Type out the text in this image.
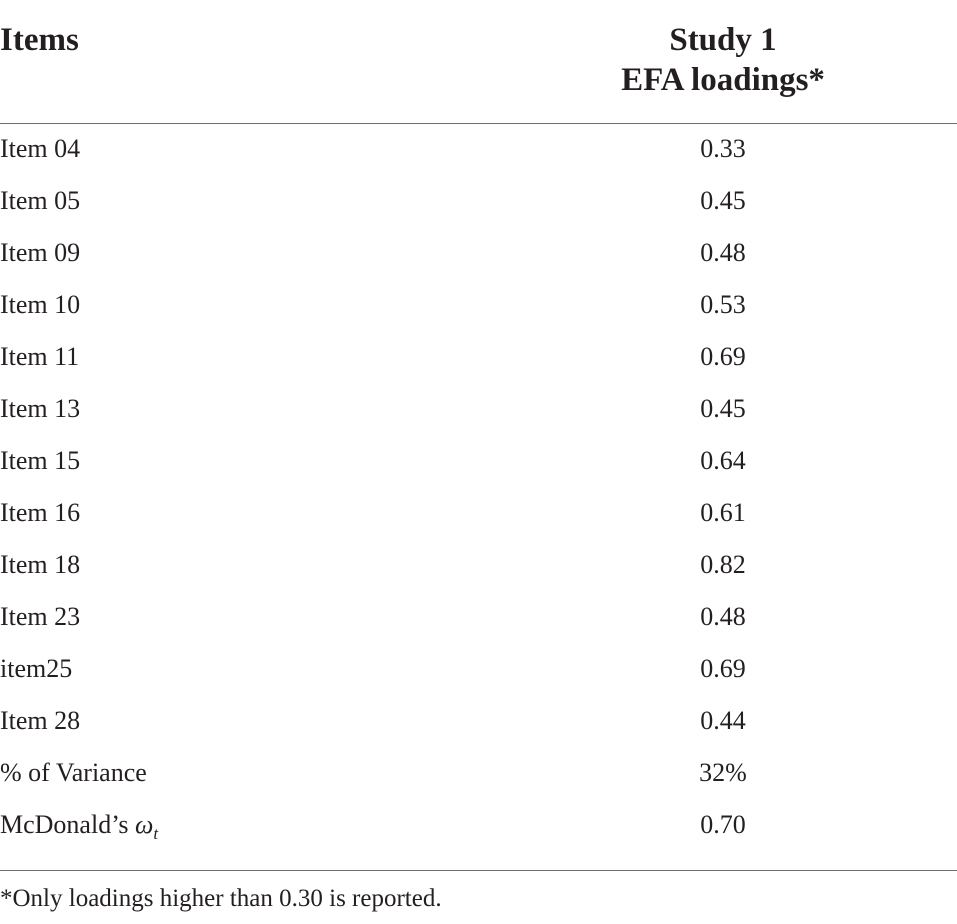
Items	Study 1
EFA loadings*
Item 04	0.33
Item 05	0.45
Item 09	0.48
Item 10	0.53
Item 11	0.69
Item 13	0.45
Item 15	0.64
Item 16	0.61
Item 18	0.82
Item 23	0.48
item25	0.69
Item 28	0.44
% of Variance	32%
McDonald’s $\omega_t$	0.70
*Only loadings higher than 0.30 is reported.
